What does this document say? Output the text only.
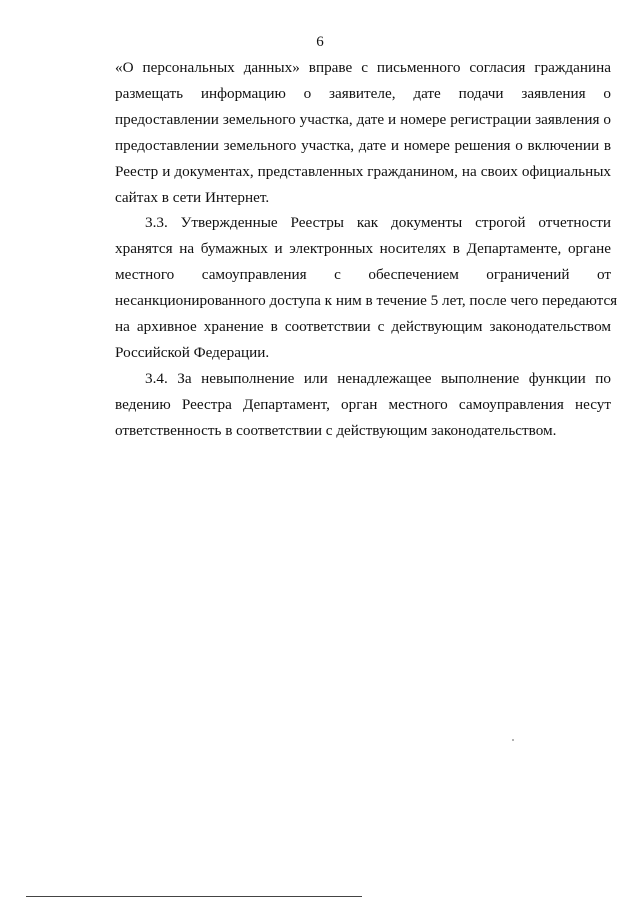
6
«О персональных данных» вправе с письменного согласия гражданина
размещать информацию о заявителе, дате подачи заявления о
предоставлении земельного участка, дате и номере регистрации заявления о
предоставлении земельного участка, дате и номере решения о включении в
Реестр и документах, представленных гражданином, на своих официальных
сайтах в сети Интернет.
3.3. Утвержденные Реестры как документы строгой отчетности
хранятся на бумажных и электронных носителях в Департаменте, органе
местного самоуправления с обеспечением ограничений от
несанкционированного доступа к ним в течение 5 лет, после чего передаются
на архивное хранение в соответствии с действующим законодательством
Российской Федерации.
3.4. За невыполнение или ненадлежащее выполнение функции по
ведению Реестра Департамент, орган местного самоуправления несут
ответственность в соответствии с действующим законодательством.
